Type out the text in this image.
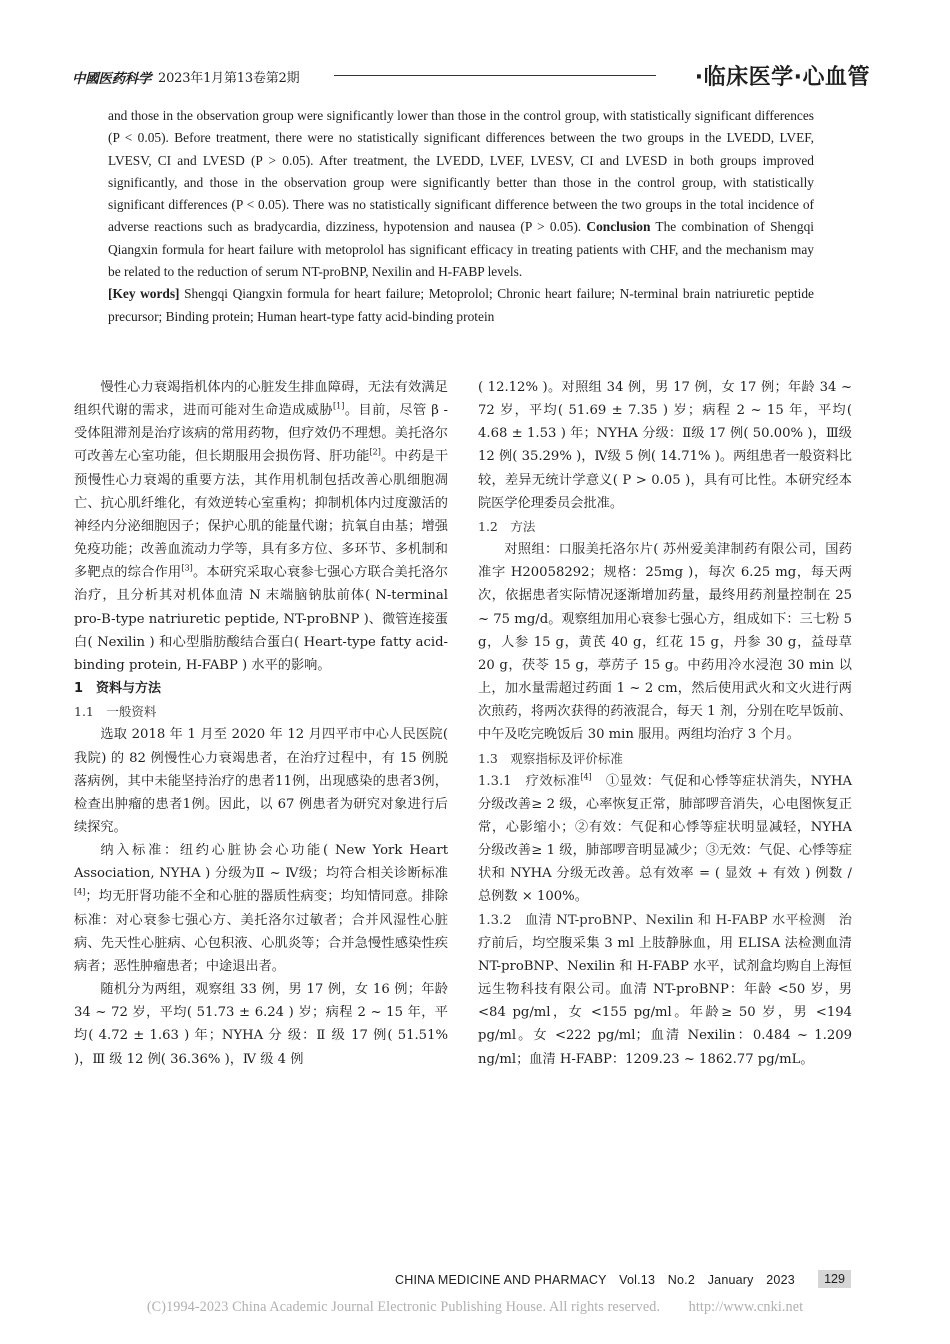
中國医药科学 2023年1月第13卷第2期	·临床医学·心血管

and those in the observation group were significantly lower than those in the control group, with statistically significant differences (P < 0.05). Before treatment, there were no statistically significant differences between the two groups in the LVEDD, LVEF, LVESV, CI and LVESD (P > 0.05). After treatment, the LVEDD, LVEF, LVESV, CI and LVESD in both groups improved significantly, and those in the observation group were significantly better than those in the control group, with statistically significant differences (P < 0.05). There was no statistically significant difference between the two groups in the total incidence of adverse reactions such as bradycardia, dizziness, hypotension and nausea (P > 0.05). Conclusion The combination of Shengqi Qiangxin formula for heart failure with metoprolol has significant efficacy in treating patients with CHF, and the mechanism may be related to the reduction of serum NT-proBNP, Nexilin and H-FABP levels.

[Key words] Shengqi Qiangxin formula for heart failure; Metoprolol; Chronic heart failure; N-terminal brain natriuretic peptide precursor; Binding protein; Human heart-type fatty acid-binding protein

慢性心力衰竭指机体内的心脏发生排血障碍，无法有效满足组织代谢的需求，进而可能对生命造成威胁[1]。目前，尽管 β - 受体阻滞剂是治疗该病的常用药物，但疗效仍不理想。美托洛尔可改善左心室功能，但长期服用会损伤肾、肝功能[2]。中药是干预慢性心力衰竭的重要方法，其作用机制包括改善心肌细胞凋亡、抗心肌纤维化，有效逆转心室重构；抑制机体内过度激活的神经内分泌细胞因子；保护心肌的能量代谢；抗氧自由基；增强免疫功能；改善血流动力学等，具有多方位、多环节、多机制和多靶点的综合作用[3]。本研究采取心衰参七强心方联合美托洛尔治疗，且分析其对机体血清 N 末端脑钠肽前体( N-terminal pro-B-type natriuretic peptide, NT-proBNP )、微管连接蛋白( Nexilin ) 和心型脂肪酸结合蛋白( Heart-type fatty acid-binding protein, H-FABP ) 水平的影响。

1　资料与方法

1.1　一般资料

选取 2018 年 1 月至 2020 年 12 月四平市中心人民医院( 我院) 的 82 例慢性心力衰竭患者，在治疗过程中，有 15 例脱落病例，其中未能坚持治疗的患者11例，出现感染的患者3例，检查出肿瘤的患者1例。因此，以 67 例患者为研究对象进行后续探究。

纳入标准：纽约心脏协会心功能( New York Heart Association, NYHA ) 分级为Ⅱ ~ Ⅳ级；均符合相关诊断标准[4]；均无肝肾功能不全和心脏的器质性病变；均知情同意。排除标准：对心衰参七强心方、美托洛尔过敏者；合并风湿性心脏病、先天性心脏病、心包积液、心肌炎等；合并急慢性感染性疾病者；恶性肿瘤患者；中途退出者。

随机分为两组，观察组 33 例，男 17 例，女 16 例；年龄 34 ~ 72 岁，平均( 51.73 ± 6.24 ) 岁；病程 2 ~ 15 年，平 均( 4.72 ± 1.63 ) 年；NYHA 分 级：Ⅱ 级 17 例( 51.51% )，Ⅲ 级 12 例( 36.36% )，Ⅳ 级 4 例

( 12.12% )。对照组 34 例，男 17 例，女 17 例；年龄 34 ~ 72 岁，平均( 51.69 ± 7.35 ) 岁；病程 2 ~ 15 年，平均( 4.68 ± 1.53 ) 年；NYHA 分级：Ⅱ级 17 例( 50.00% )，Ⅲ级 12 例( 35.29% )，Ⅳ级 5 例( 14.71% )。两组患者一般资料比较，差异无统计学意义( P > 0.05 )，具有可比性。本研究经本院医学伦理委员会批准。

1.2　方法

对照组：口服美托洛尔片( 苏州爱美津制药有限公司，国药准字 H20058292；规格：25mg )，每次 6.25 mg，每天两次，依据患者实际情况逐渐增加药量，最终用药剂量控制在 25 ~ 75 mg/d。观察组加用心衰参七强心方，组成如下：三七粉 5 g，人参 15 g，黄芪 40 g，红花 15 g，丹参 30 g，益母草 20 g，茯苓 15 g，葶苈子 15 g。中药用冷水浸泡 30 min 以上，加水量需超过药面 1 ~ 2 cm，然后使用武火和文火进行两次煎药，将两次获得的药液混合，每天 1 剂，分别在吃早饭前、中午及吃完晚饭后 30 min 服用。两组均治疗 3 个月。

1.3　观察指标及评价标准

1.3.1　疗效标准[4]　①显效：气促和心悸等症状消失，NYHA 分级改善≥ 2 级，心率恢复正常，肺部啰音消失，心电图恢复正常，心影缩小；②有效：气促和心悸等症状明显减轻，NYHA 分级改善≥ 1 级，肺部啰音明显减少；③无效：气促、心悸等症状和 NYHA 分级无改善。总有效率 = ( 显效 + 有效 ) 例数 / 总例数 × 100%。

1.3.2　血清 NT-proBNP、Nexilin 和 H-FABP 水平检测　治疗前后，均空腹采集 3 ml 上肢静脉血，用 ELISA 法检测血清 NT-proBNP、Nexilin 和 H-FABP 水平，试剂盒均购自上海恒远生物科技有限公司。血清 NT-proBNP：年龄 <50 岁，男 <84 pg/ml，女 <155 pg/ml。年龄≥ 50 岁，男 <194 pg/ml。女 <222 pg/ml；血清 Nexilin：0.484 ~ 1.209 ng/ml；血清 H-FABP：1209.23 ~ 1862.77 pg/mL。

CHINA MEDICINE AND PHARMACY　Vol.13　No.2　January　2023	129
(C)1994-2023 China Academic Journal Electronic Publishing House. All rights reserved.　　http://www.cnki.net
